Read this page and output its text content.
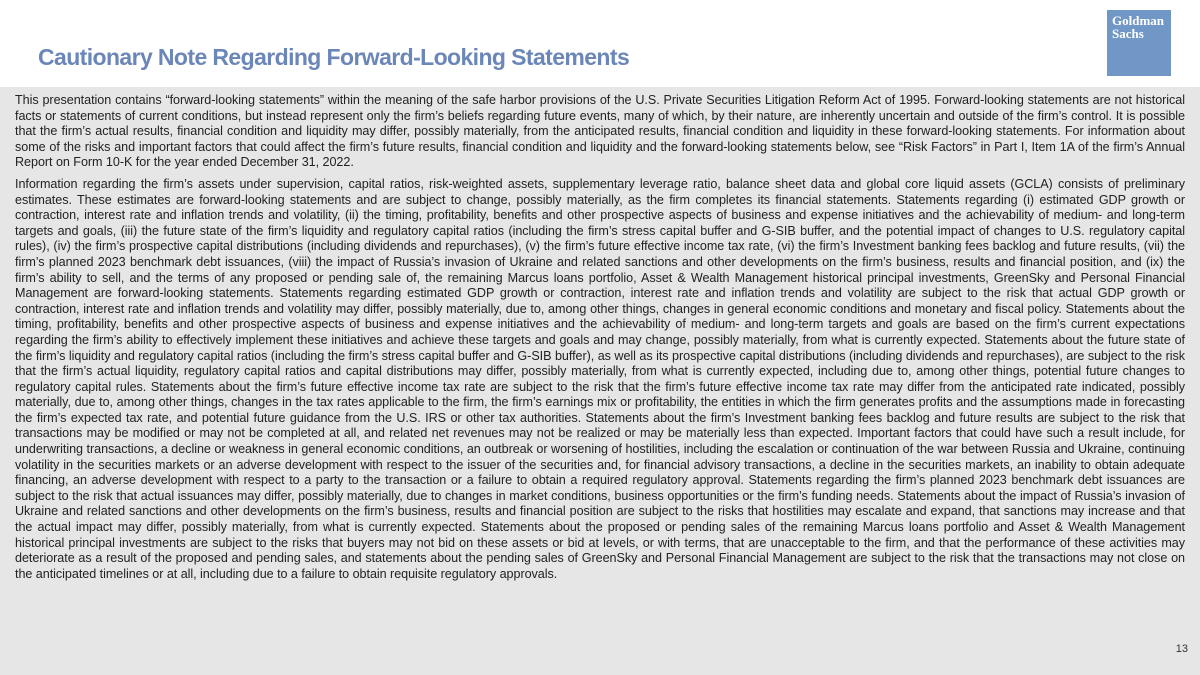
Cautionary Note Regarding Forward-Looking Statements
Goldman
Sachs

This presentation contains “forward-looking statements” within the meaning of the safe harbor provisions of the U.S. Private Securities Litigation Reform Act of 1995. Forward-looking statements are not historical facts or statements of current conditions, but instead represent only the firm’s beliefs regarding future events, many of which, by their nature, are inherently uncertain and outside of the firm’s control. It is possible that the firm’s actual results, financial condition and liquidity may differ, possibly materially, from the anticipated results, financial condition and liquidity in these forward-looking statements. For information about some of the risks and important factors that could affect the firm’s future results, financial condition and liquidity and the forward-looking statements below, see “Risk Factors” in Part I, Item 1A of the firm’s Annual Report on Form 10-K for the year ended December 31, 2022.

Information regarding the firm’s assets under supervision, capital ratios, risk-weighted assets, supplementary leverage ratio, balance sheet data and global core liquid assets (GCLA) consists of preliminary estimates. These estimates are forward-looking statements and are subject to change, possibly materially, as the firm completes its financial statements. Statements regarding (i) estimated GDP growth or contraction, interest rate and inflation trends and volatility, (ii) the timing, profitability, benefits and other prospective aspects of business and expense initiatives and the achievability of medium- and long-term targets and goals, (iii) the future state of the firm’s liquidity and regulatory capital ratios (including the firm’s stress capital buffer and G-SIB buffer, and the potential impact of changes to U.S. regulatory capital rules), (iv) the firm’s prospective capital distributions (including dividends and repurchases), (v) the firm’s future effective income tax rate, (vi) the firm’s Investment banking fees backlog and future results, (vii) the firm’s planned 2023 benchmark debt issuances, (viii) the impact of Russia’s invasion of Ukraine and related sanctions and other developments on the firm’s business, results and financial position, and (ix) the firm’s ability to sell, and the terms of any proposed or pending sale of, the remaining Marcus loans portfolio, Asset & Wealth Management historical principal investments, GreenSky and Personal Financial Management are forward-looking statements. Statements regarding estimated GDP growth or contraction, interest rate and inflation trends and volatility are subject to the risk that actual GDP growth or contraction, interest rate and inflation trends and volatility may differ, possibly materially, due to, among other things, changes in general economic conditions and monetary and fiscal policy. Statements about the timing, profitability, benefits and other prospective aspects of business and expense initiatives and the achievability of medium- and long-term targets and goals are based on the firm’s current expectations regarding the firm’s ability to effectively implement these initiatives and achieve these targets and goals and may change, possibly materially, from what is currently expected. Statements about the future state of the firm’s liquidity and regulatory capital ratios (including the firm’s stress capital buffer and G-SIB buffer), as well as its prospective capital distributions (including dividends and repurchases), are subject to the risk that the firm’s actual liquidity, regulatory capital ratios and capital distributions may differ, possibly materially, from what is currently expected, including due to, among other things, potential future changes to regulatory capital rules. Statements about the firm’s future effective income tax rate are subject to the risk that the firm’s future effective income tax rate may differ from the anticipated rate indicated, possibly materially, due to, among other things, changes in the tax rates applicable to the firm, the firm’s earnings mix or profitability, the entities in which the firm generates profits and the assumptions made in forecasting the firm’s expected tax rate, and potential future guidance from the U.S. IRS or other tax authorities. Statements about the firm’s Investment banking fees backlog and future results are subject to the risk that transactions may be modified or may not be completed at all, and related net revenues may not be realized or may be materially less than expected. Important factors that could have such a result include, for underwriting transactions, a decline or weakness in general economic conditions, an outbreak or worsening of hostilities, including the escalation or continuation of the war between Russia and Ukraine, continuing volatility in the securities markets or an adverse development with respect to the issuer of the securities and, for financial advisory transactions, a decline in the securities markets, an inability to obtain adequate financing, an adverse development with respect to a party to the transaction or a failure to obtain a required regulatory approval. Statements regarding the firm’s planned 2023 benchmark debt issuances are subject to the risk that actual issuances may differ, possibly materially, due to changes in market conditions, business opportunities or the firm’s funding needs. Statements about the impact of Russia’s invasion of Ukraine and related sanctions and other developments on the firm’s business, results and financial position are subject to the risks that hostilities may escalate and expand, that sanctions may increase and that the actual impact may differ, possibly materially, from what is currently expected. Statements about the proposed or pending sales of the remaining Marcus loans portfolio and Asset & Wealth Management historical principal investments are subject to the risks that buyers may not bid on these assets or bid at levels, or with terms, that are unacceptable to the firm, and that the performance of these activities may deteriorate as a result of the proposed and pending sales, and statements about the pending sales of GreenSky and Personal Financial Management are subject to the risk that the transactions may not close on the anticipated timelines or at all, including due to a failure to obtain requisite regulatory approvals.

13
